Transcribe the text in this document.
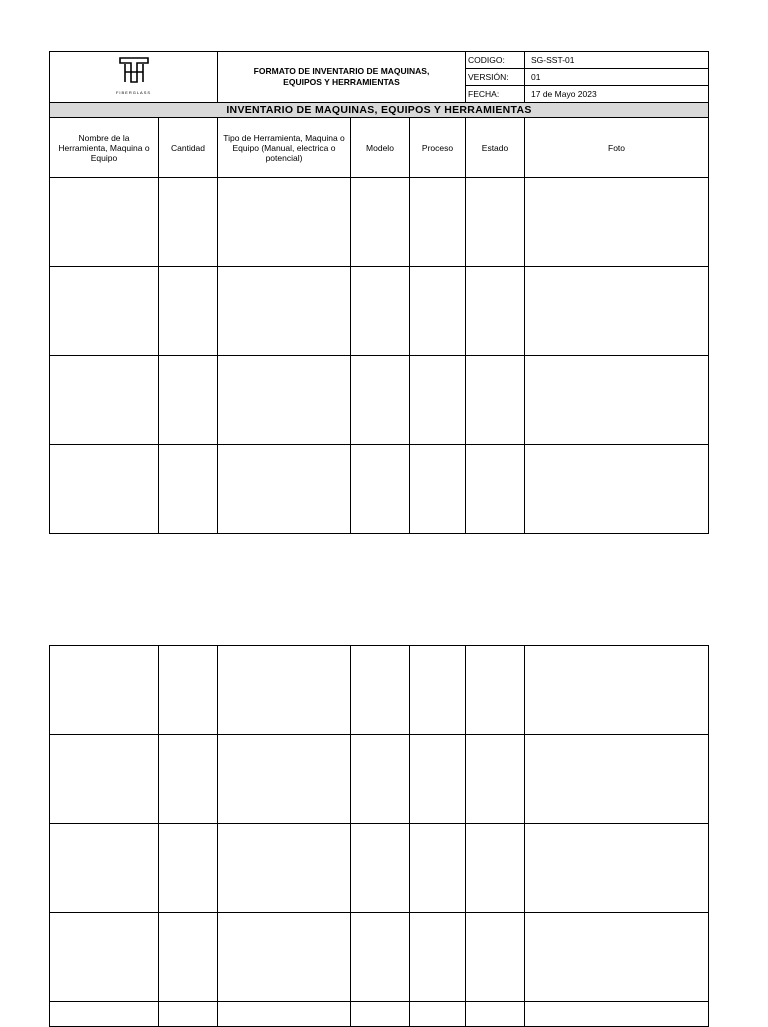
FIBERGLASS		FORMATO DE INVENTARIO DE MAQUINAS, EQUIPOS Y HERRAMIENTAS			CODIGO:	SG-SST-01
					VERSIÓN:	01
					FECHA:	17 de Mayo 2023
INVENTARIO DE MAQUINAS, EQUIPOS Y HERRAMIENTAS						
Nombre de la Herramienta, Maquina o Equipo	Cantidad	Tipo de Herramienta, Maquina o Equipo (Manual, electrica o potencial)	Modelo	Proceso	Estado	Foto
